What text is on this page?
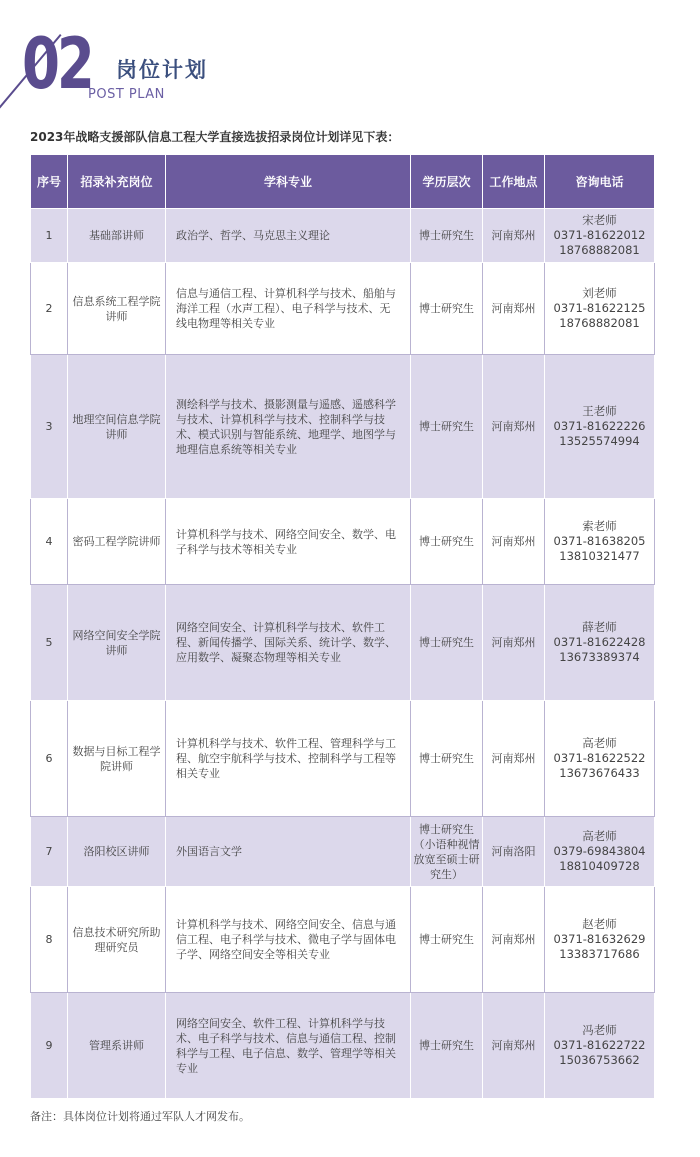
02 岗位计划
POST PLAN
2023年战略支援部队信息工程大学直接选拔招录岗位计划详见下表：
序号	招录补充岗位	学科专业	学历层次	工作地点	咨询电话
1	基础部讲师	政治学、哲学、马克思主义理论	博士研究生	河南郑州	宋老师
0371-81622012
18768882081

2	信息系统工程学院讲师	信息与通信工程、计算机科学与技术、船舶与海洋工程（水声工程）、电子科学与技术、无线电物理等相关专业	博士研究生	河南郑州	刘老师
0371-81622125
18768882081

3	地理空间信息学院讲师	测绘科学与技术、摄影测量与遥感、遥感科学与技术、计算机科学与技术、控制科学与技术、模式识别与智能系统、地理学、地图学与地理信息系统等相关专业	博士研究生	河南郑州	王老师
0371-81622226
13525574994

4	密码工程学院讲师	计算机科学与技术、网络空间安全、数学、电子科学与技术等相关专业	博士研究生	河南郑州	索老师
0371-81638205
13810321477

5	网络空间安全学院讲师	网络空间安全、计算机科学与技术、软件工程、新闻传播学、国际关系、统计学、数学、应用数学、凝聚态物理等相关专业	博士研究生	河南郑州	薛老师
0371-81622428
13673389374

6	数据与目标工程学院讲师	计算机科学与技术、软件工程、管理科学与工程、航空宇航科学与技术、控制科学与工程等相关专业	博士研究生	河南郑州	高老师
0371-81622522
13673676433

7	洛阳校区讲师	外国语言文学	博士研究生（小语种视情放宽至硕士研究生）	河南洛阳	高老师
0379-69843804
18810409728

8	信息技术研究所助理研究员	计算机科学与技术、网络空间安全、信息与通信工程、电子科学与技术、微电子学与固体电子学、网络空间安全等相关专业	博士研究生	河南郑州	赵老师
0371-81632629
13383717686

9	管理系讲师	网络空间安全、软件工程、计算机科学与技术、电子科学与技术、信息与通信工程、控制科学与工程、电子信息、数学、管理学等相关专业	博士研究生	河南郑州	冯老师
0371-81622722
15036753662
备注：具体岗位计划将通过军队人才网发布。
